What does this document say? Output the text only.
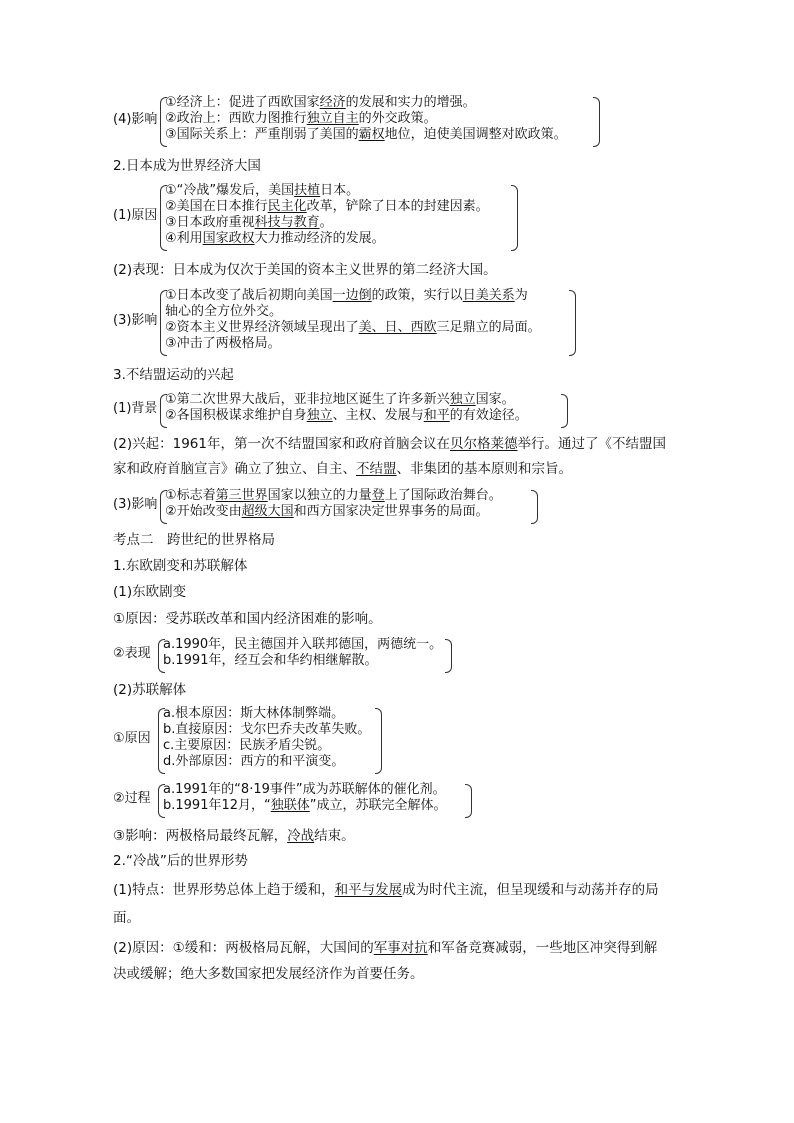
(4)影响
①经济上：促进了西欧国家经济的发展和实力的增强。
②政治上：西欧力图推行独立自主的外交政策。
③国际关系上：严重削弱了美国的霸权地位，迫使美国调整对欧政策。
2.日本成为世界经济大国
(1)原因
①“冷战”爆发后，美国扶植日本。
②美国在日本推行民主化改革，铲除了日本的封建因素。
③日本政府重视科技与教育。
④利用国家政权大力推动经济的发展。
(2)表现：日本成为仅次于美国的资本主义世界的第二经济大国。
(3)影响
①日本改变了战后初期向美国一边倒的政策，实行以日美关系为
轴心的全方位外交。
②资本主义世界经济领域呈现出了美、日、西欧三足鼎立的局面。
③冲击了两极格局。
3.不结盟运动的兴起
(1)背景
①第二次世界大战后，亚非拉地区诞生了许多新兴独立国家。
②各国积极谋求维护自身独立、主权、发展与和平的有效途径。
(2)兴起：1961年，第一次不结盟国家和政府首脑会议在贝尔格莱德举行。通过了《不结盟国
家和政府首脑宣言》确立了独立、自主、不结盟、非集团的基本原则和宗旨。
(3)影响
①标志着第三世界国家以独立的力量登上了国际政治舞台。
②开始改变由超级大国和西方国家决定世界事务的局面。
考点二　跨世纪的世界格局
1.东欧剧变和苏联解体
(1)东欧剧变
①原因：受苏联改革和国内经济困难的影响。
②表现
a.1990年，民主德国并入联邦德国，两德统一。
b.1991年，经互会和华约相继解散。
(2)苏联解体
①原因
a.根本原因：斯大林体制弊端。
b.直接原因：戈尔巴乔夫改革失败。
c.主要原因：民族矛盾尖锐。
d.外部原因：西方的和平演变。
②过程
a.1991年的“8·19事件”成为苏联解体的催化剂。
b.1991年12月，“独联体”成立，苏联完全解体。
③影响：两极格局最终瓦解，冷战结束。
2.“冷战”后的世界形势
(1)特点：世界形势总体上趋于缓和，和平与发展成为时代主流，但呈现缓和与动荡并存的局
面。
(2)原因：①缓和：两极格局瓦解，大国间的军事对抗和军备竞赛减弱，一些地区冲突得到解
决或缓解；绝大多数国家把发展经济作为首要任务。
